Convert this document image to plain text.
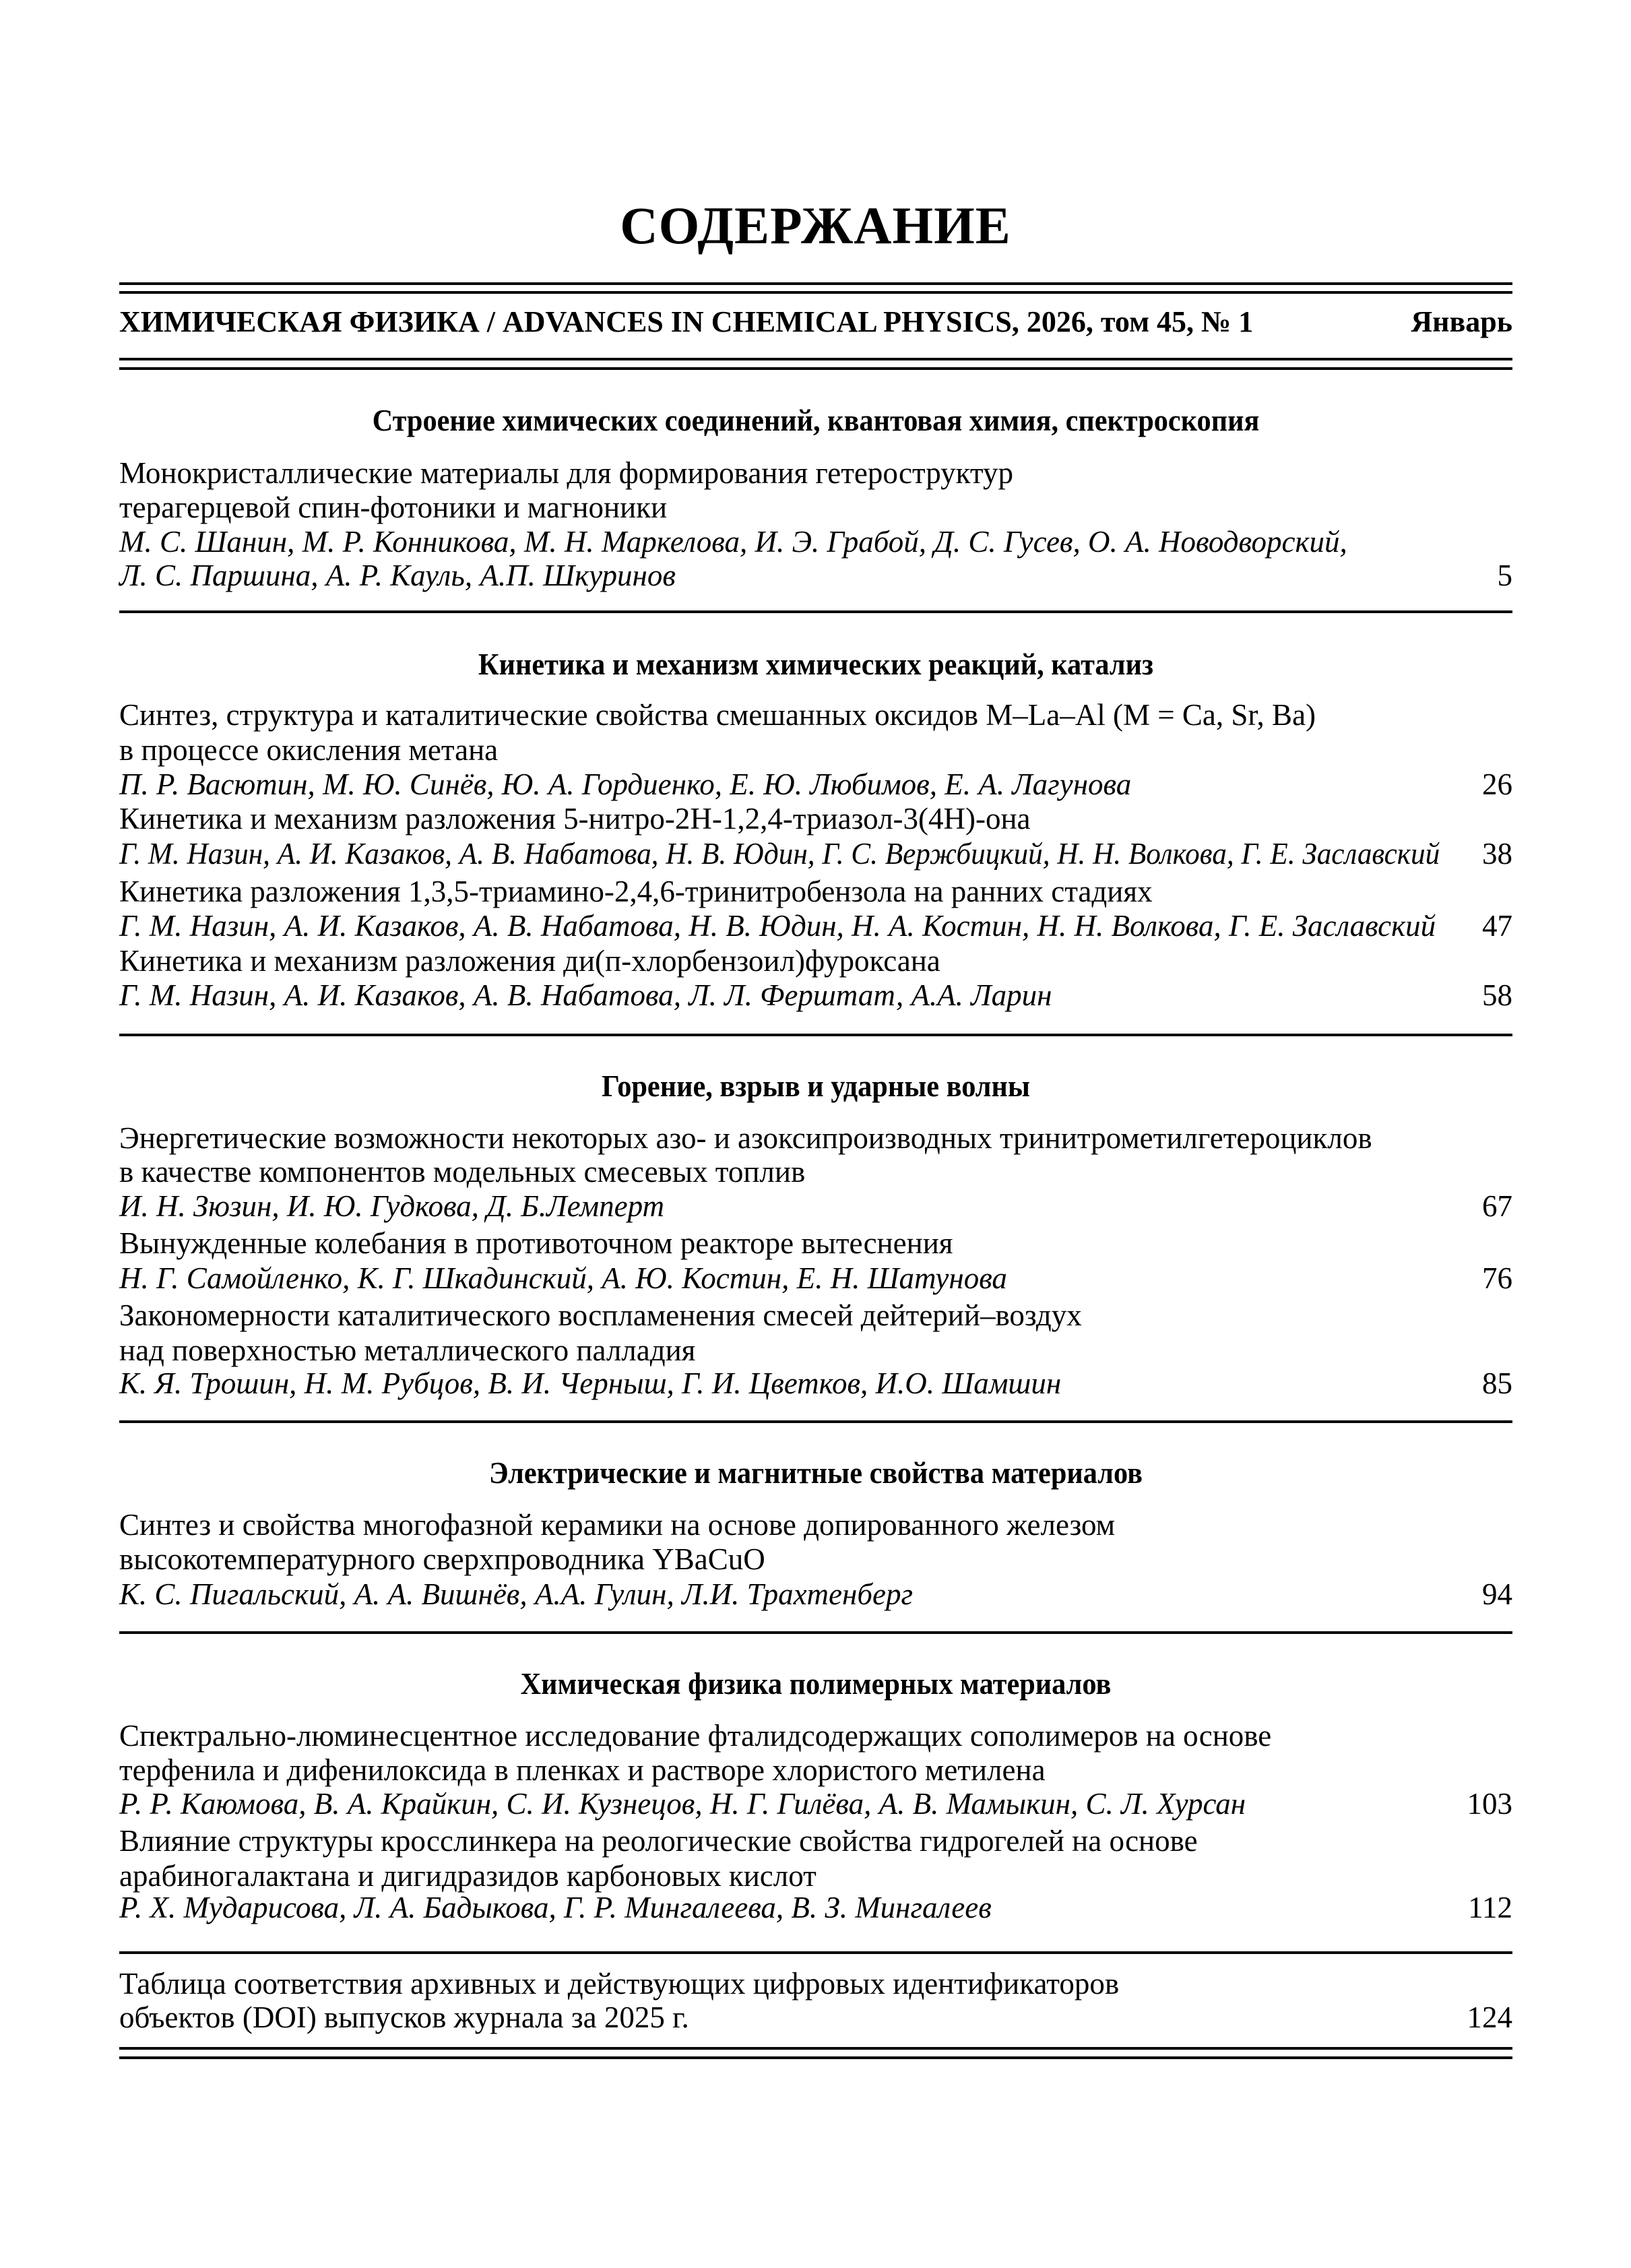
СОДЕРЖАНИЕ
ХИМИЧЕСКАЯ ФИЗИКА / ADVANCES IN CHEMICAL PHYSICS, 2026, том 45, № 1	Январь
Строение химических соединений, квантовая химия, спектроскопия
Монокристаллические материалы для формирования гетероструктур
терагерцевой спин-фотоники и магноники
М. С. Шанин, М. Р. Конникова, М. Н. Маркелова, И. Э. Грабой, Д. С. Гусев, О. А. Новодворский,
Л. С. Паршина, А. Р. Кауль, А.П. Шкуринов	5
Кинетика и механизм химических реакций, катализ
Синтез, структура и каталитические свойства смешанных оксидов M–La–Al (M = Ca, Sr, Ba)
в процессе окисления метана
П. Р. Васютин, М. Ю. Синёв, Ю. А. Гордиенко, Е. Ю. Любимов, Е. А. Лагунова	26
Кинетика и механизм разложения 5-нитро-2H-1,2,4-триазол-3(4H)-она
Г. М. Назин, А. И. Казаков, А. В. Набатова, Н. В. Юдин, Г. С. Вержбицкий, Н. Н. Волкова, Г. Е. Заславский	38
Кинетика разложения 1,3,5-триамино-2,4,6-тринитробензола на ранних стадиях
Г. М. Назин, А. И. Казаков, А. В. Набатова, Н. В. Юдин, Н. А. Костин, Н. Н. Волкова, Г. Е. Заславский	47
Кинетика и механизм разложения ди(п-хлорбензоил)фуроксана
Г. М. Назин, А. И. Казаков, А. В. Набатова, Л. Л. Ферштат, А.А. Ларин	58
Горение, взрыв и ударные волны
Энергетические возможности некоторых азо- и азоксипроизводных тринитрометилгетероциклов
в качестве компонентов модельных смесевых топлив
И. Н. Зюзин, И. Ю. Гудкова, Д. Б.Лемперт	67
Вынужденные колебания в противоточном реакторе вытеснения
Н. Г. Самойленко, К. Г. Шкадинский, А. Ю. Костин, Е. Н. Шатунова	76
Закономерности каталитического воспламенения смесей дейтерий–воздух
над поверхностью металлического палладия
К. Я. Трошин, Н. М. Рубцов, В. И. Черныш, Г. И. Цветков, И.О. Шамшин	85
Электрические и магнитные свойства материалов
Синтез и свойства многофазной керамики на основе допированного железом
высокотемпературного сверхпроводника YBaCuO
К. С. Пигальский, А. А. Вишнёв, А.А. Гулин, Л.И. Трахтенберг	94
Химическая физика полимерных материалов
Спектрально-люминесцентное исследование фталидсодержащих сополимеров на основе
терфенила и дифенилоксида в пленках и растворе хлористого метилена
Р. Р. Каюмова, В. А. Крайкин, С. И. Кузнецов, Н. Г. Гилёва, А. В. Мамыкин, С. Л. Хурсан	103
Влияние структуры кросслинкера на реологические свойства гидрогелей на основе
арабиногалактана и дигидразидов карбоновых кислот
Р. Х. Мударисова, Л. А. Бадыкова, Г. Р. Мингалеева, В. З. Мингалеев	112
Таблица соответствия архивных и действующих цифровых идентификаторов
объектов (DOI) выпусков журнала за 2025 г.	124
